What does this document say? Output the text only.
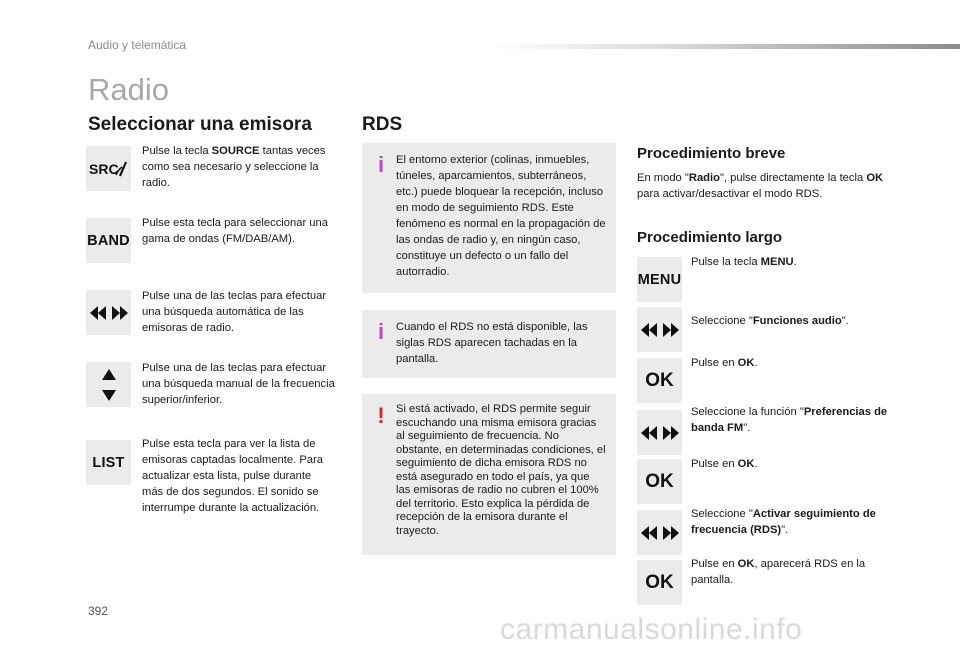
Audio y telemática
Radio
Seleccionar una emisora
SRC
Pulse la tecla SOURCE tantas veces como sea necesario y seleccione la radio.
BAND
Pulse esta tecla para seleccionar una gama de ondas (FM/DAB/AM).
Pulse una de las teclas para efectuar una búsqueda automática de las emisoras de radio.
Pulse una de las teclas para efectuar una búsqueda manual de la frecuencia superior/inferior.
LIST
Pulse esta tecla para ver la lista de emisoras captadas localmente. Para actualizar esta lista, pulse durante más de dos segundos. El sonido se interrumpe durante la actualización.
RDS
i	El entorno exterior (colinas, inmuebles, túneles, aparcamientos, subterráneos, etc.) puede bloquear la recepción, incluso en modo de seguimiento RDS. Este fenómeno es normal en la propagación de las ondas de radio y, en ningún caso, constituye un defecto o un fallo del autorradio.
i	Cuando el RDS no está disponible, las siglas RDS aparecen tachadas en la pantalla.
! Si está activado, el RDS permite seguir escuchando una misma emisora gracias al seguimiento de frecuencia. No obstante, en determinadas condiciones, el seguimiento de dicha emisora RDS no está asegurado en todo el país, ya que las emisoras de radio no cubren el 100% del territorio. Esto explica la pérdida de recepción de la emisora durante el trayecto.
Procedimiento breve
En modo "Radio", pulse directamente la tecla OK para activar/desactivar el modo RDS.
Procedimiento largo
MENU
Pulse la tecla MENU.
Seleccione "Funciones audio".
OK
Pulse en OK.
Seleccione la función "Preferencias de banda FM".
OK
Pulse en OK.
Seleccione "Activar seguimiento de frecuencia (RDS)".
OK
Pulse en OK, aparecerá RDS en la pantalla.
392
carmanualsonline.info
